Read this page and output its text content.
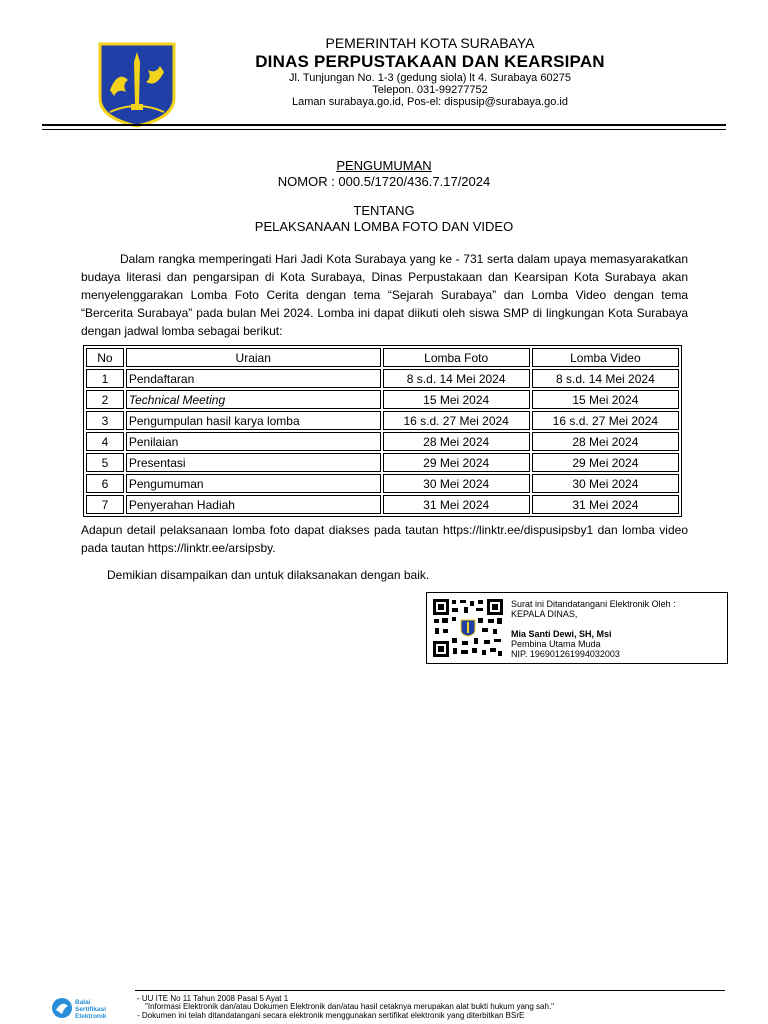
PEMERINTAH KOTA SURABAYA
DINAS PERPUSTAKAAN DAN KEARSIPAN
Jl. Tunjungan No. 1-3 (gedung siola) lt 4. Surabaya 60275
Telepon. 031-99277752
Laman surabaya.go.id, Pos-el: dispusip@surabaya.go.id
PENGUMUMAN
NOMOR : 000.5/1720/436.7.17/2024
TENTANG
PELAKSANAAN LOMBA FOTO DAN VIDEO
Dalam rangka memperingati Hari Jadi Kota Surabaya yang ke - 731 serta dalam upaya memasyarakatkan budaya literasi dan pengarsipan di Kota Surabaya, Dinas Perpustakaan dan Kearsipan Kota Surabaya akan menyelenggarakan Lomba Foto Cerita dengan tema “Sejarah Surabaya” dan Lomba Video dengan tema “Bercerita Surabaya” pada bulan Mei 2024. Lomba ini dapat diikuti oleh siswa SMP di lingkungan Kota Surabaya dengan jadwal lomba sebagai berikut:
No	Uraian	Lomba Foto	Lomba Video
1	Pendaftaran	8 s.d. 14 Mei 2024	8 s.d. 14 Mei 2024
2	Technical Meeting	15 Mei 2024	15 Mei 2024
3	Pengumpulan hasil karya lomba	16 s.d. 27 Mei 2024	16 s.d. 27 Mei 2024
4	Penilaian	28 Mei 2024	28 Mei 2024
5	Presentasi	29 Mei 2024	29 Mei 2024
6	Pengumuman	30 Mei 2024	30 Mei 2024
7	Penyerahan Hadiah	31 Mei 2024	31 Mei 2024
Adapun detail pelaksanaan lomba foto dapat diakses pada tautan https://linktr.ee/dispusipsby1 dan lomba video pada tautan https://linktr.ee/arsipsby.
Demikian disampaikan dan untuk dilaksanakan dengan baik.
Surat ini Ditandatangani Elektronik Oleh :
KEPALA DINAS,
Mia Santi Dewi, SH, Msi
Pembina Utama Muda
NIP. 196901261994032003
Balai
Sertifikasi
Elektronik
- UU ITE No 11 Tahun 2008 Pasal 5 Ayat 1
"Informasi Elektronik dan/atau Dokumen Elektronik dan/atau hasil cetaknya merupakan alat bukti hukum yang sah."
- Dokumen ini telah ditandatangani secara elektronik menggunakan sertifikat elektronik yang diterbitkan BSrE
